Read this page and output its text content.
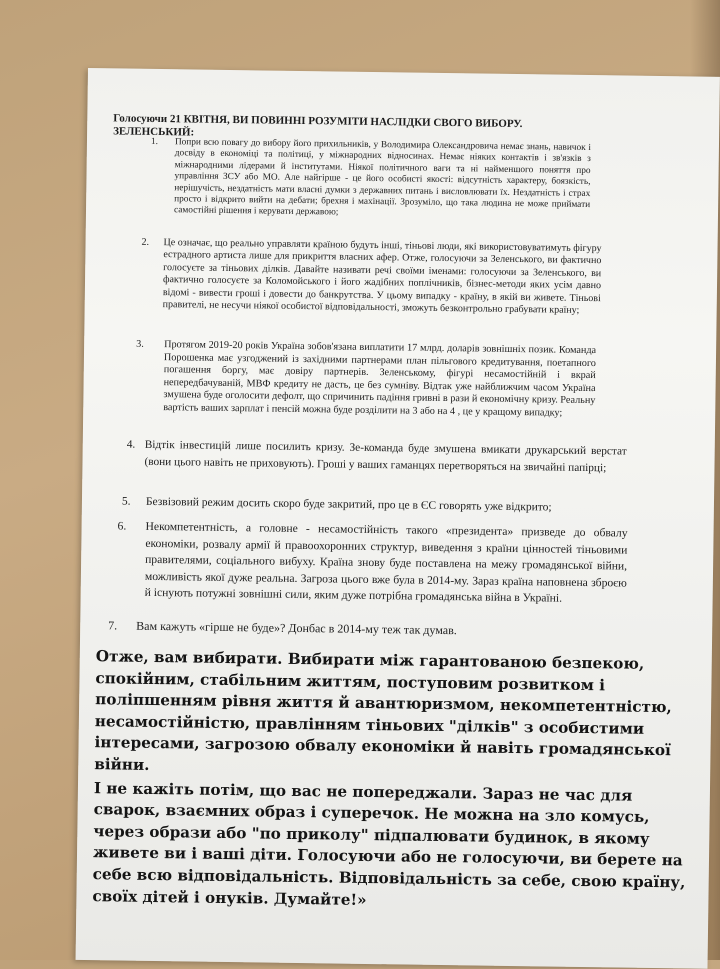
Голосуючи 21 КВІТНЯ, ВИ ПОВИННІ РОЗУМІТИ НАСЛІДКИ СВОГО ВИБОРУ. ЗЕЛЕНСЬКИЙ:
1. Попри всю повагу до вибору його прихильників, у Володимира Олександровича немає знань, навичок і досвіду в економіці та політиці, у міжнародних відносинах. Немає ніяких контактів і зв'язків з міжнародними лідерами й інститутами. Ніякої політичного ваги та ні найменшого поняття про управління ЗСУ або МО. Але найгірше - це його особисті якості: відсутність характеру, боязкість, нерішучість, нездатність мати власні думки з державних питань і висловлювати їх. Нездатність і страх просто і відкрито вийти на дебати; брехня і махінації. Зрозуміло, що така людина не може приймати самостійні рішення і керувати державою;
2. Це означає, що реально управляти країною будуть інші, тіньові люди, які використовуватимуть фігуру естрадного артиста лише для прикриття власних афер. Отже, голосуючи за Зеленського, ви фактично голосуєте за тіньових ділків. Давайте називати речі своїми іменами: голосуючи за Зеленського, ви фактично голосуєте за Коломойського і його жадібних поплічників, бізнес-методи яких усім давно відомі - вивести гроші і довести до банкрутства. У цьому випадку - країну, в якій ви живете. Тіньові правителі, не несучи ніякої особистої відповідальності, зможуть безконтрольно грабувати країну;
3. Протягом 2019-20 років Україна зобов'язана виплатити 17 млрд. доларів зовнішніх позик. Команда Порошенка має узгоджений із західними партнерами план пільгового кредитування, поетапного погашення боргу, має довіру партнерів. Зеленському, фігурі несамостійній і вкрай непередбачуваній, МВФ кредиту не дасть, це без сумніву. Відтак уже найближчим часом Україна змушена буде оголосити дефолт, що спричинить падіння гривні в рази й економічну кризу. Реальну вартість ваших зарплат і пенсій можна буде розділити на 3 або на 4 , це у кращому випадку;
4. Відтік інвестицій лише посилить кризу. Зе-команда буде змушена вмикати друкарський верстат (вони цього навіть не приховують). Гроші у ваших гаманцях перетворяться на звичайні папірці;
5. Безвізовий режим досить скоро буде закритий, про це в ЄС говорять уже відкрито;
6. Некомпетентність, а головне - несамостійність такого «президента» призведе до обвалу економіки, розвалу армії й правоохоронних структур, виведення з країни цінностей тіньовими правителями, соціального вибуху. Країна знову буде поставлена на межу громадянської війни, можливість якої дуже реальна. Загроза цього вже була в 2014-му. Зараз країна наповнена зброєю й існують потужні зовнішні сили, яким дуже потрібна громадянська війна в Україні.
7. Вам кажуть «гірше не буде»? Донбас в 2014-му теж так думав.

Отже, вам вибирати. Вибирати між гарантованою безпекою, спокійним, стабільним життям, поступовим розвитком і поліпшенням рівня життя й авантюризмом, некомпетентністю, несамостійністю, правлінням тіньових "ділків" з особистими інтересами, загрозою обвалу економіки й навіть громадянської війни.

І не кажіть потім, що вас не попереджали. Зараз не час для сварок, взаємних образ і суперечок. Не можна на зло комусь, через образи або "по приколу" підпалювати будинок, в якому живете ви і ваші діти. Голосуючи або не голосуючи, ви берете на себе всю відповідальність. Відповідальність за себе, свою країну, своїх дітей і онуків. Думайте!»
